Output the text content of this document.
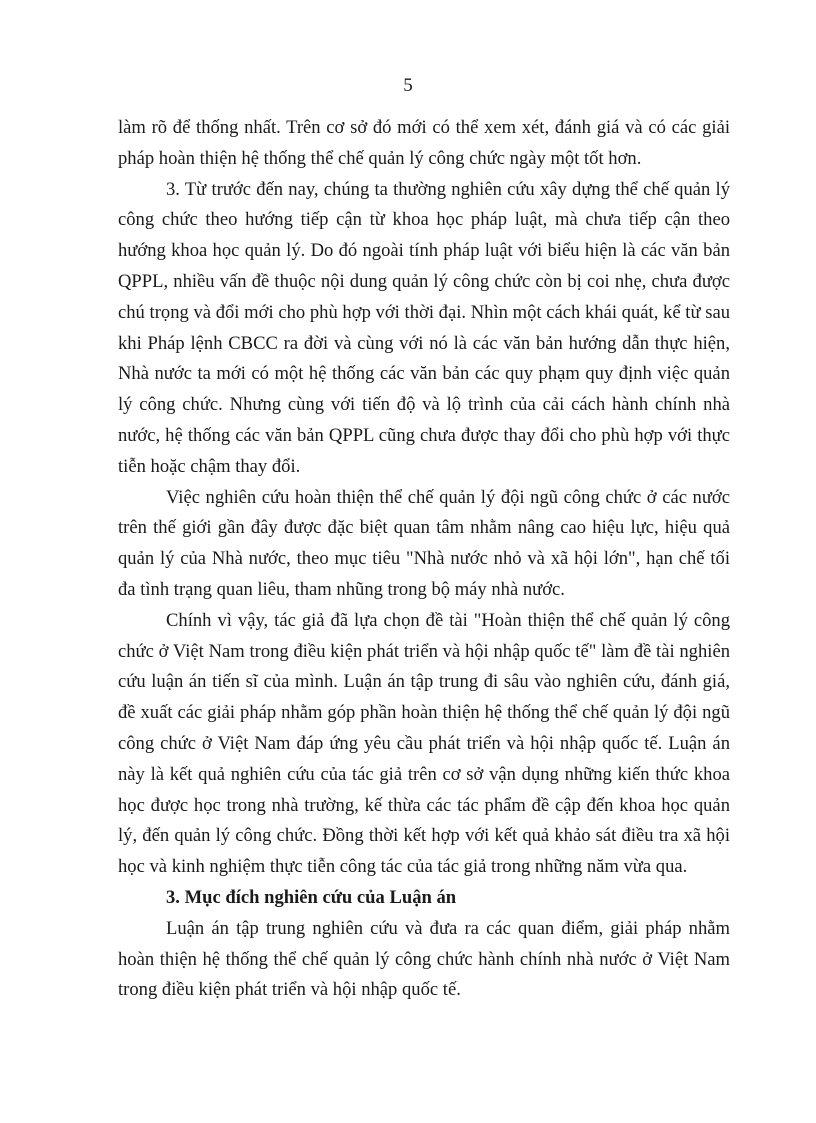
5

làm rõ để thống nhất. Trên cơ sở đó mới có thể xem xét, đánh giá và có các giải pháp hoàn thiện hệ thống thể chế quản lý công chức ngày một tốt hơn.

3. Từ trước đến nay, chúng ta thường nghiên cứu xây dựng thể chế quản lý công chức theo hướng tiếp cận từ khoa học pháp luật, mà chưa tiếp cận theo hướng khoa học quản lý. Do đó ngoài tính pháp luật với biểu hiện là các văn bản QPPL, nhiều vấn đề thuộc nội dung quản lý công chức còn bị coi nhẹ, chưa được chú trọng và đổi mới cho phù hợp với thời đại. Nhìn một cách khái quát, kể từ sau khi Pháp lệnh CBCC ra đời và cùng với nó là các văn bản hướng dẫn thực hiện, Nhà nước ta mới có một hệ thống các văn bản các quy phạm quy định việc quản lý công chức. Nhưng cùng với tiến độ và lộ trình của cải cách hành chính nhà nước, hệ thống các văn bản QPPL cũng chưa được thay đổi cho phù hợp với thực tiễn hoặc chậm thay đổi.

Việc nghiên cứu hoàn thiện thể chế quản lý đội ngũ công chức ở các nước trên thế giới gần đây được đặc biệt quan tâm nhằm nâng cao hiệu lực, hiệu quả quản lý của Nhà nước, theo mục tiêu "Nhà nước nhỏ và xã hội lớn", hạn chế tối đa tình trạng quan liêu, tham nhũng trong bộ máy nhà nước.

Chính vì vậy, tác giả đã lựa chọn đề tài "Hoàn thiện thể chế quản lý công chức ở Việt Nam trong điều kiện phát triển và hội nhập quốc tế" làm đề tài nghiên cứu luận án tiến sĩ của mình. Luận án tập trung đi sâu vào nghiên cứu, đánh giá, đề xuất các giải pháp nhằm góp phần hoàn thiện hệ thống thể chế quản lý đội ngũ công chức ở Việt Nam đáp ứng yêu cầu phát triển và hội nhập quốc tế. Luận án này là kết quả nghiên cứu của tác giả trên cơ sở vận dụng những kiến thức khoa học được học trong nhà trường, kế thừa các tác phẩm đề cập đến khoa học quản lý, đến quản lý công chức. Đồng thời kết hợp với kết quả khảo sát điều tra xã hội học và kinh nghiệm thực tiễn công tác của tác giả trong những năm vừa qua.

3. Mục đích nghiên cứu của Luận án

Luận án tập trung nghiên cứu và đưa ra các quan điểm, giải pháp nhằm hoàn thiện hệ thống thể chế quản lý công chức hành chính nhà nước ở Việt Nam trong điều kiện phát triển và hội nhập quốc tế.
